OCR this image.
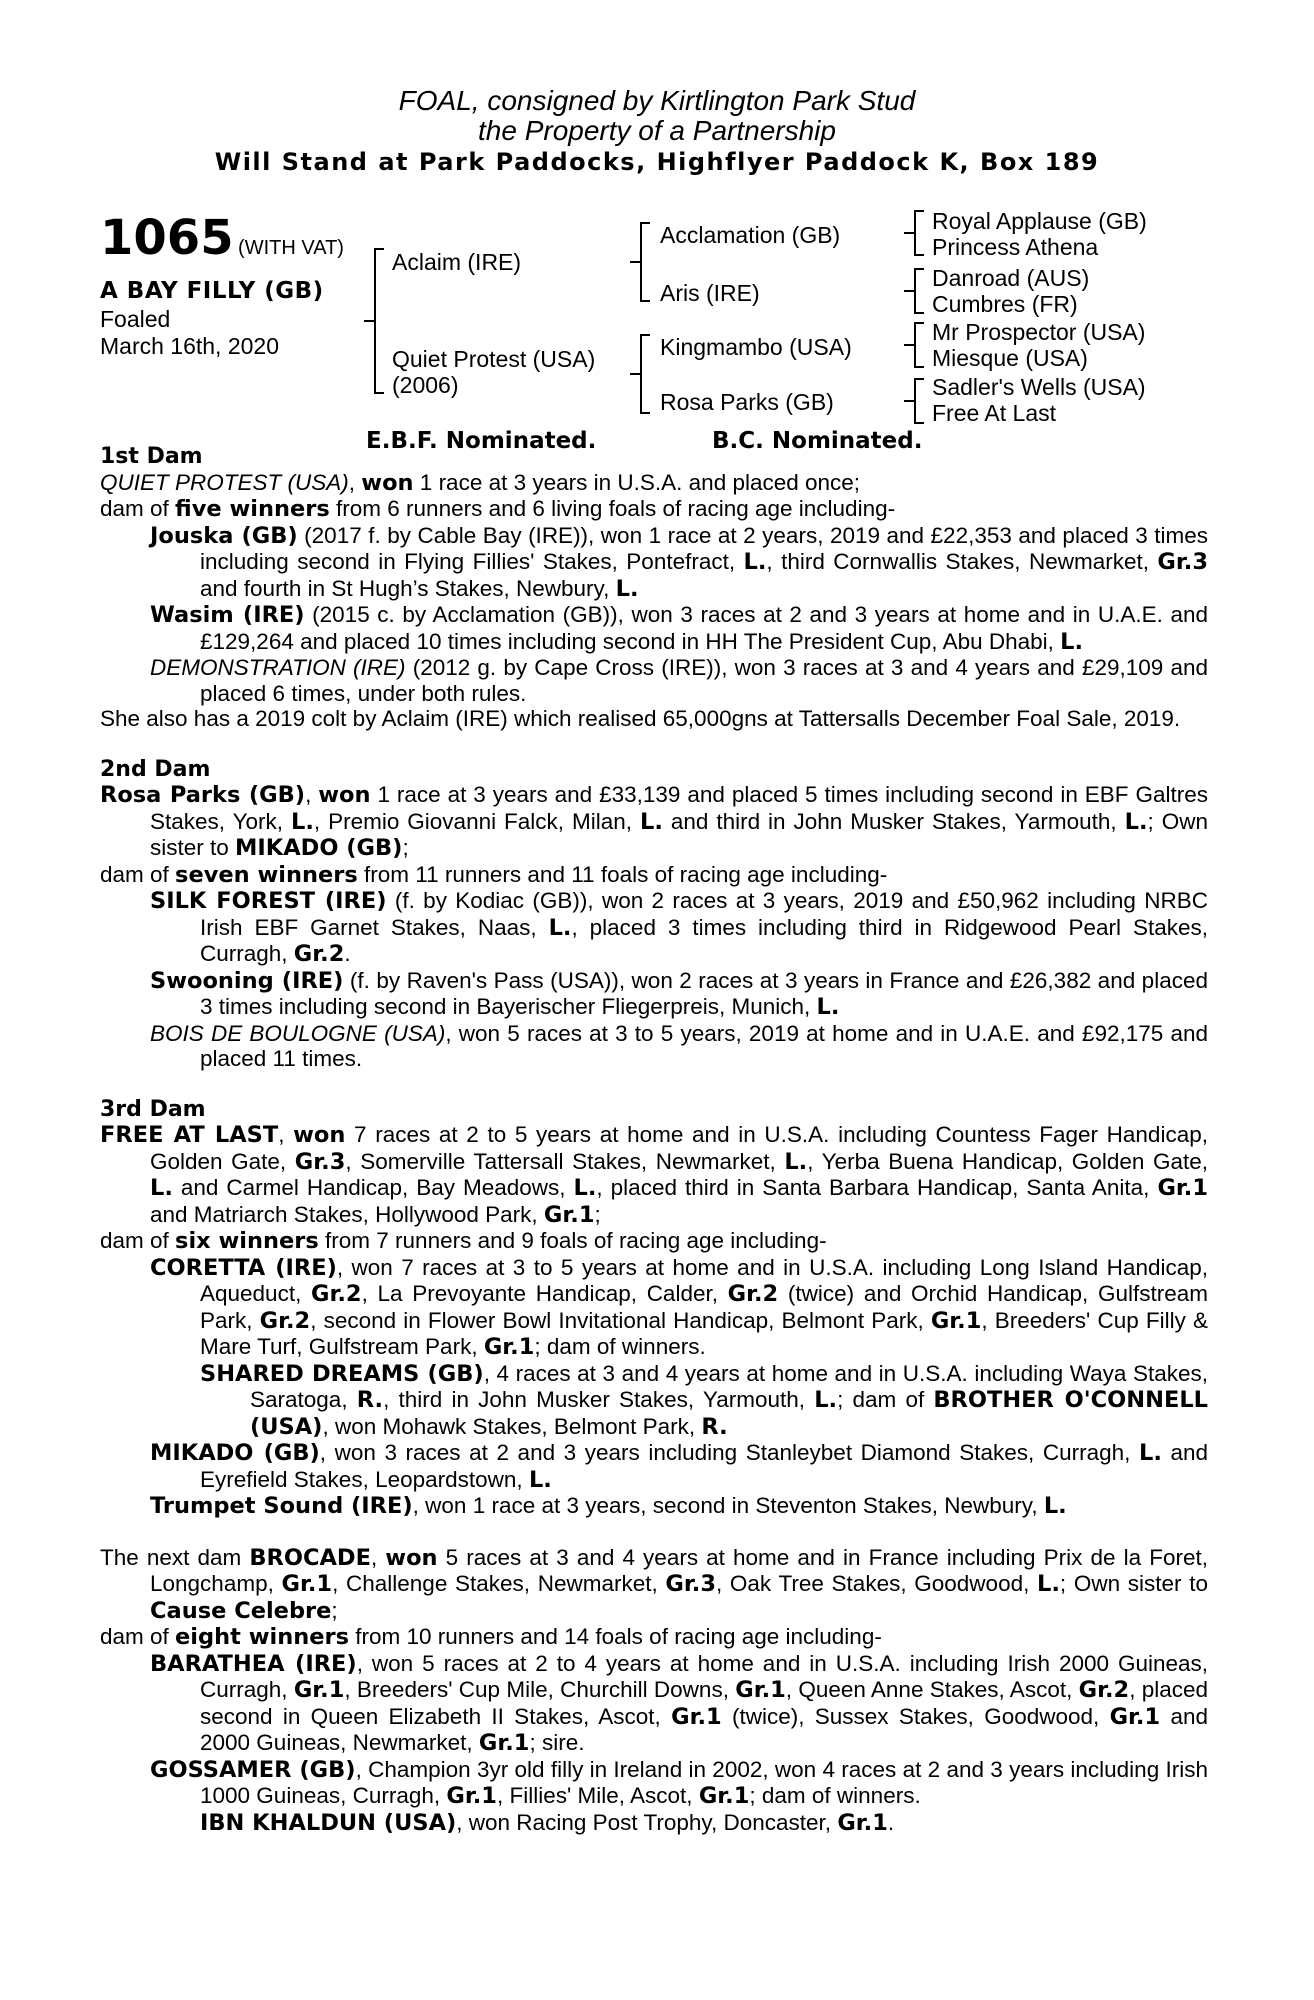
FOAL, consigned by Kirtlington Park Stud
the Property of a Partnership
Will Stand at Park Paddocks, Highflyer Paddock K, Box 189
1065 (WITH VAT)
A BAY FILLY (GB)
Foaled
March 16th, 2020
Aclaim (IRE)
Quiet Protest (USA)
(2006)
Acclamation (GB)
Aris (IRE)
Kingmambo (USA)
Rosa Parks (GB)
Royal Applause (GB)
Princess Athena
Danroad (AUS)
Cumbres (FR)
Mr Prospector (USA)
Miesque (USA)
Sadler's Wells (USA)
Free At Last
E.B.F. Nominated.	B.C. Nominated.

1st Dam

QUIET PROTEST (USA), won 1 race at 3 years in U.S.A. and placed once;

dam of five winners from 6 runners and 6 living foals of racing age including-

Jouska (GB) (2017 f. by Cable Bay (IRE)), won 1 race at 2 years, 2019 and £22,353 and placed 3 times including second in Flying Fillies' Stakes, Pontefract, L., third Cornwallis Stakes, Newmarket, Gr.3 and fourth in St Hugh’s Stakes, Newbury, L.

Wasim (IRE) (2015 c. by Acclamation (GB)), won 3 races at 2 and 3 years at home and in U.A.E. and £129,264 and placed 10 times including second in HH The President Cup, Abu Dhabi, L.

DEMONSTRATION (IRE) (2012 g. by Cape Cross (IRE)), won 3 races at 3 and 4 years and £29,109 and placed 6 times, under both rules.

She also has a 2019 colt by Aclaim (IRE) which realised 65,000gns at Tattersalls December Foal Sale, 2019.

2nd Dam

Rosa Parks (GB), won 1 race at 3 years and £33,139 and placed 5 times including second in EBF Galtres Stakes, York, L., Premio Giovanni Falck, Milan, L. and third in John Musker Stakes, Yarmouth, L.; Own sister to MIKADO (GB);

dam of seven winners from 11 runners and 11 foals of racing age including-

SILK FOREST (IRE) (f. by Kodiac (GB)), won 2 races at 3 years, 2019 and £50,962 including NRBC Irish EBF Garnet Stakes, Naas, L., placed 3 times including third in Ridgewood Pearl Stakes, Curragh, Gr.2.

Swooning (IRE) (f. by Raven's Pass (USA)), won 2 races at 3 years in France and £26,382 and placed 3 times including second in Bayerischer Fliegerpreis, Munich, L.

BOIS DE BOULOGNE (USA), won 5 races at 3 to 5 years, 2019 at home and in U.A.E. and £92,175 and placed 11 times.

3rd Dam

FREE AT LAST, won 7 races at 2 to 5 years at home and in U.S.A. including Countess Fager Handicap, Golden Gate, Gr.3, Somerville Tattersall Stakes, Newmarket, L., Yerba Buena Handicap, Golden Gate, L. and Carmel Handicap, Bay Meadows, L., placed third in Santa Barbara Handicap, Santa Anita, Gr.1 and Matriarch Stakes, Hollywood Park, Gr.1;

dam of six winners from 7 runners and 9 foals of racing age including-

CORETTA (IRE), won 7 races at 3 to 5 years at home and in U.S.A. including Long Island Handicap, Aqueduct, Gr.2, La Prevoyante Handicap, Calder, Gr.2 (twice) and Orchid Handicap, Gulfstream Park, Gr.2, second in Flower Bowl Invitational Handicap, Belmont Park, Gr.1, Breeders' Cup Filly & Mare Turf, Gulfstream Park, Gr.1; dam of winners.

SHARED DREAMS (GB), 4 races at 3 and 4 years at home and in U.S.A. including Waya Stakes, Saratoga, R., third in John Musker Stakes, Yarmouth, L.; dam of BROTHER O'CONNELL (USA), won Mohawk Stakes, Belmont Park, R.

MIKADO (GB), won 3 races at 2 and 3 years including Stanleybet Diamond Stakes, Curragh, L. and Eyrefield Stakes, Leopardstown, L.

Trumpet Sound (IRE), won 1 race at 3 years, second in Steventon Stakes, Newbury, L.

The next dam BROCADE, won 5 races at 3 and 4 years at home and in France including Prix de la Foret, Longchamp, Gr.1, Challenge Stakes, Newmarket, Gr.3, Oak Tree Stakes, Goodwood, L.; Own sister to Cause Celebre;

dam of eight winners from 10 runners and 14 foals of racing age including-

BARATHEA (IRE), won 5 races at 2 to 4 years at home and in U.S.A. including Irish 2000 Guineas, Curragh, Gr.1, Breeders' Cup Mile, Churchill Downs, Gr.1, Queen Anne Stakes, Ascot, Gr.2, placed second in Queen Elizabeth II Stakes, Ascot, Gr.1 (twice), Sussex Stakes, Goodwood, Gr.1 and 2000 Guineas, Newmarket, Gr.1; sire.

GOSSAMER (GB), Champion 3yr old filly in Ireland in 2002, won 4 races at 2 and 3 years including Irish 1000 Guineas, Curragh, Gr.1, Fillies' Mile, Ascot, Gr.1; dam of winners.

IBN KHALDUN (USA), won Racing Post Trophy, Doncaster, Gr.1.
